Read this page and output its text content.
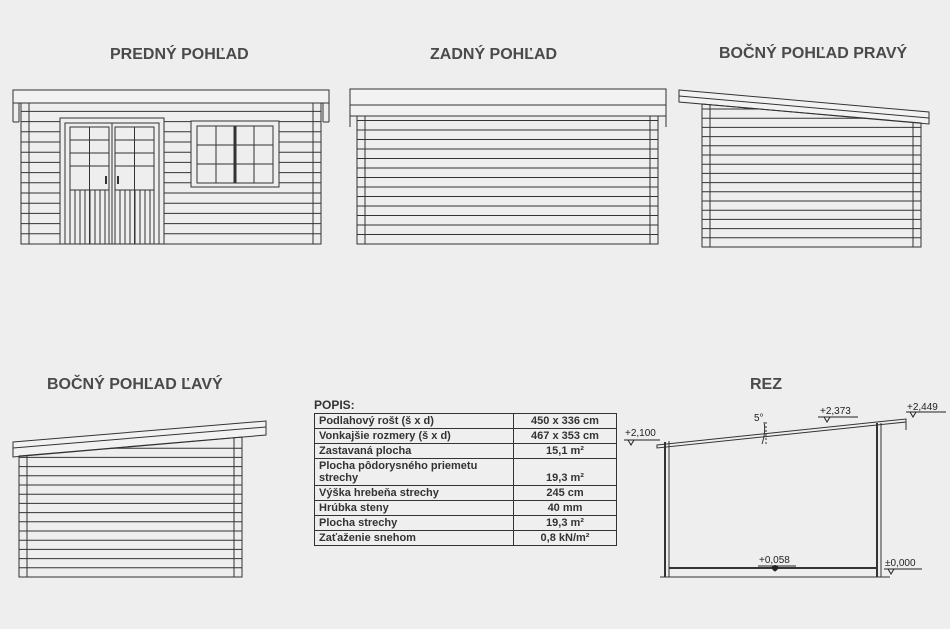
PREDNÝ POHĽAD	ZADNÝ POHĽAD	BOČNÝ POHĽAD PRAVÝ
BOČNÝ POHĽAD ĽAVÝ	REZ
+2,100
+2,373	+2,449
+0,058	±0,000
5°
POPIS:
Podlahový rošt (š x d)	450 x 336 cm
Vonkajšie rozmery (š x d)	467 x 353 cm
Zastavaná plocha	15,1 m²
Plocha pôdorysného priemetu strechy	19,3 m²
Výška hrebeňa strechy	245 cm
Hrúbka steny	40 mm
Plocha strechy	19,3 m²
Zaťaženie snehom	0,8 kN/m²
